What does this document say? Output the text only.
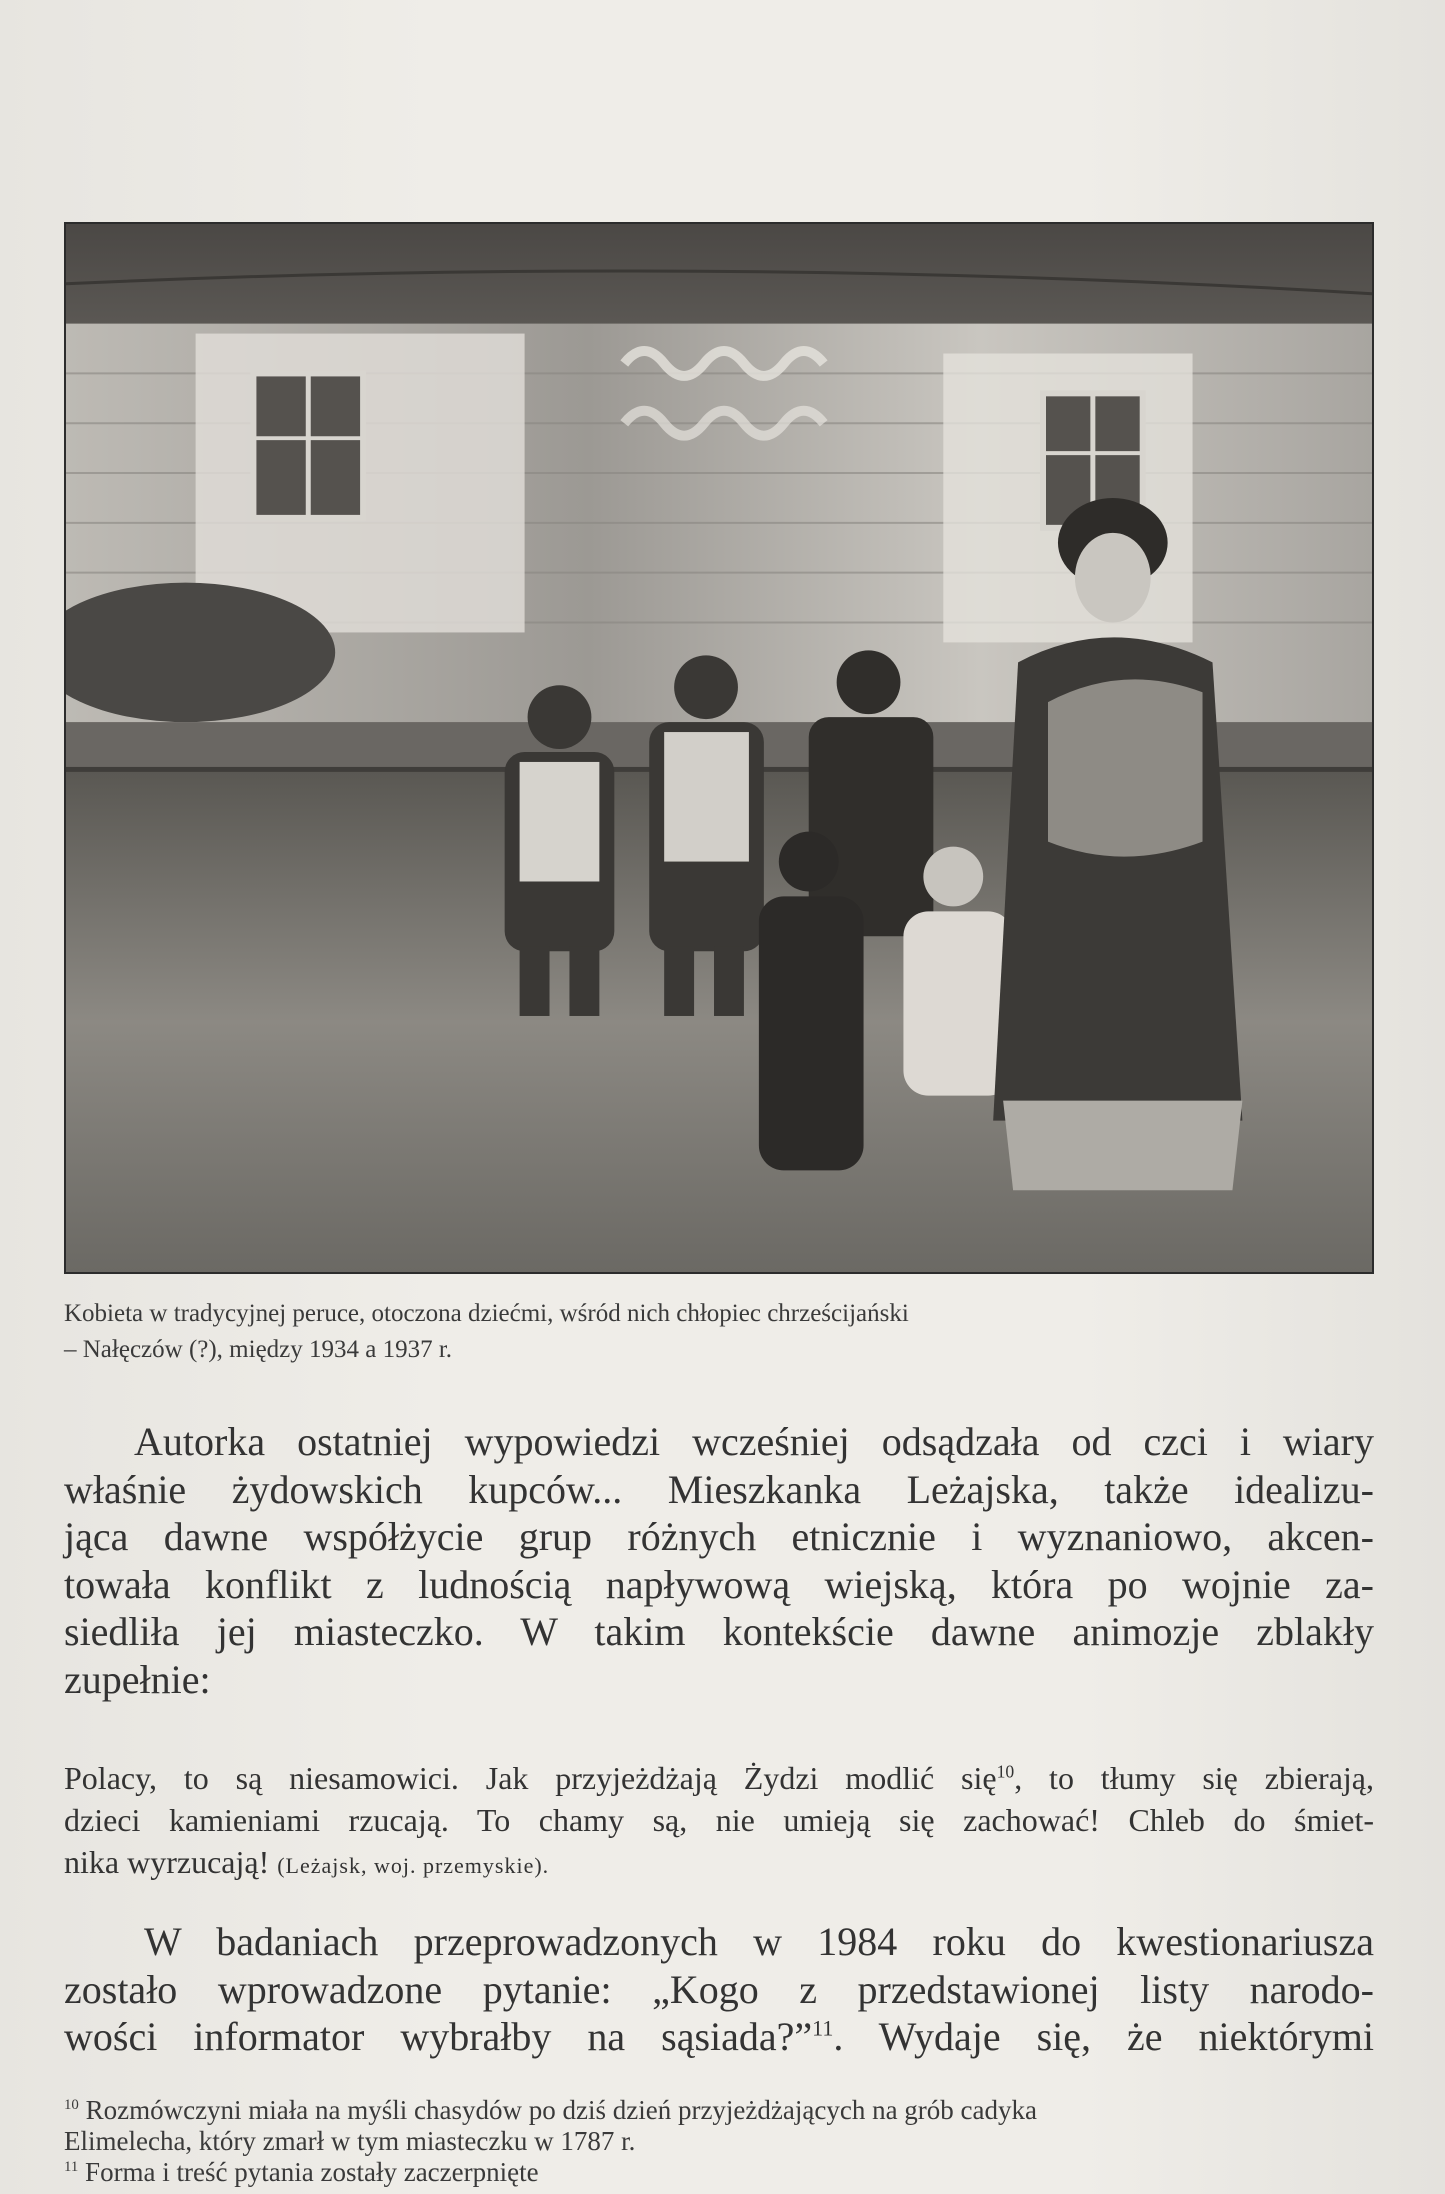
Kobieta w tradycyjnej peruce, otoczona dziećmi, wśród nich chłopiec chrześcijański
– Nałęczów (?), między 1934 a 1937 r.
Autorka ostatniej wypowiedzi wcześniej odsądzała od czci i wiary
właśnie żydowskich kupców... Mieszkanka Leżajska, także idealizu-
jąca dawne współżycie grup różnych etnicznie i wyznaniowo, akcen-
towała konflikt z ludnością napływową wiejską, która po wojnie za-
siedliła jej miasteczko. W takim kontekście dawne animozje zblakły
zupełnie:
Polacy, to są niesamowici. Jak przyjeżdżają Żydzi modlić się$^{10}$, to tłumy się zbierają,
dzieci kamieniami rzucają. To chamy są, nie umieją się zachować! Chleb do śmiet-
nika wyrzucają! (Leżajsk, woj. przemyskie).
W badaniach przeprowadzonych w 1984 roku do kwestionariusza
zostało wprowadzone pytanie: „Kogo z przedstawionej listy narodo-
wości informator wybrałby na sąsiada?”$^{11}$. Wydaje się, że niektórymi
$^{10}$ Rozmówczyni miała na myśli chasydów po dziś dzień przyjeżdżających na grób cadyka
Elimelecha, który zmarł w tym miasteczku w 1787 r.
$^{11}$ Forma i treść pytania zostały zaczerpnięte
